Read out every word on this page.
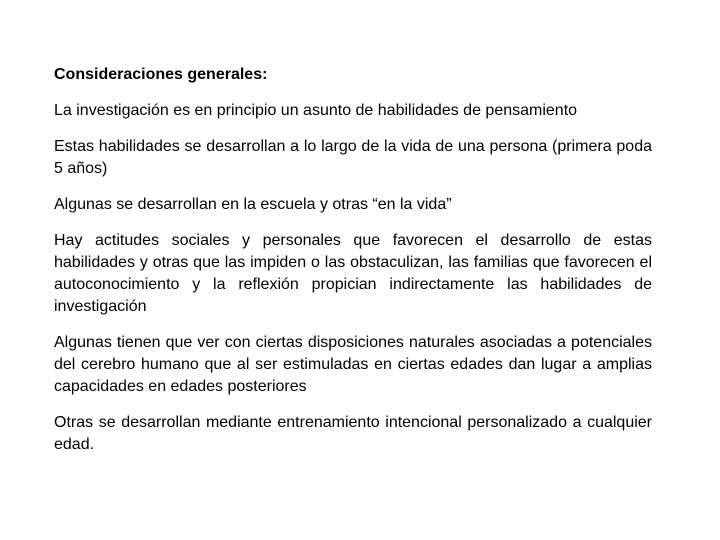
Consideraciones generales:

La investigación es en principio un asunto de habilidades de pensamiento

Estas habilidades se desarrollan a lo largo de la vida de una persona (primera poda 5 años)

Algunas se desarrollan en la escuela y otras “en la vida”

Hay actitudes sociales y personales que favorecen el desarrollo de estas habilidades y otras que las impiden o las obstaculizan, las familias que favorecen el autoconocimiento y la reflexión propician indirectamente las habilidades de investigación

Algunas tienen que ver con ciertas disposiciones naturales asociadas a potenciales del cerebro humano que al ser estimuladas en ciertas edades dan lugar a amplias capacidades en edades posteriores

Otras se desarrollan mediante entrenamiento intencional personalizado a cualquier edad.
